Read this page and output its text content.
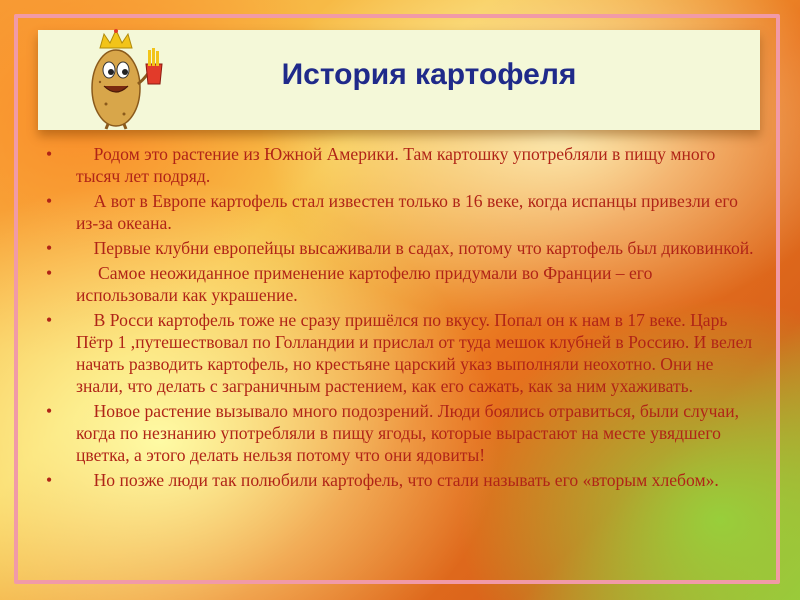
История картофеля
• Родом это растение из Южной Америки. Там картошку употребляли в пищу много тысяч лет подряд.
• А вот в Европе картофель стал известен только в 16 веке, когда испанцы привезли его из-за океана.
• Первые клубни европейцы высаживали в садах, потому что картофель был диковинкой.
• Самое неожиданное применение картофелю придумали во Франции – его использовали как украшение.
• В Росси картофель тоже не сразу пришёлся по вкусу. Попал он к нам в 17 веке. Царь Пётр 1 ,путешествовал по Голландии и прислал от туда мешок клубней в Россию. И велел начать разводить картофель, но крестьяне царский указ выполняли неохотно. Они не знали, что делать с заграничным растением, как его сажать, как за ним ухаживать.
• Новое растение вызывало много подозрений. Люди боялись отравиться, были случаи, когда по незнанию употребляли в пищу ягоды, которые вырастают на месте увядшего цветка, а этого делать нельзя потому что они ядовиты!
• Но позже люди так полюбили картофель, что стали называть его «вторым хлебом».
